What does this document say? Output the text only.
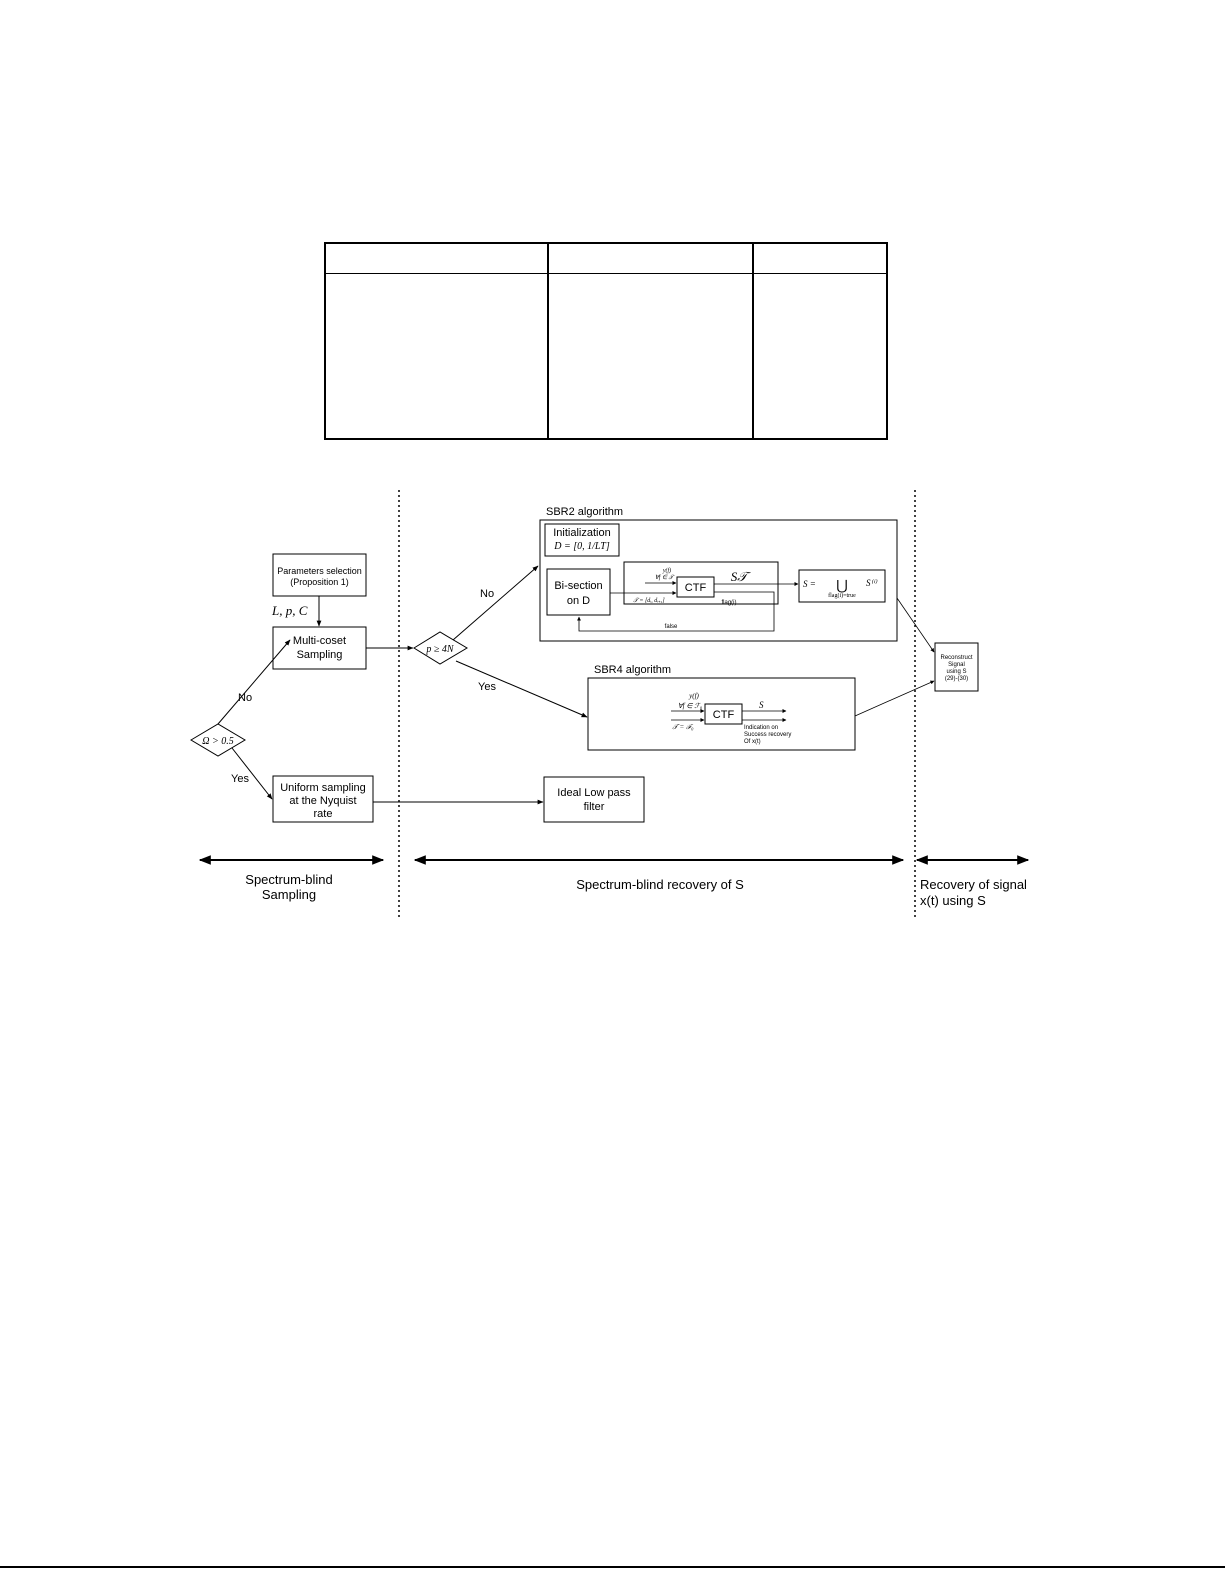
Parameters selection
(Proposition 1)
L, p, C
Multi-coset
Sampling
Ω > 0.5
No
Yes
Uniform sampling
at the Nyquist
rate
p ≥ 4N
No
Yes
SBR2 algorithm
Initialization
D = [0, 1/LT]
Bi-section
on D
CTF
y(f)
∀f ∈ 𝒯
𝒯 = [dᵢ, dᵢ₊₁]
S𝒯
flag(i)
false
S = ⋃
flag(i)=true
S⁽ⁱ⁾
SBR4 algorithm
CTF
y(f)
∀f ∈ ℱ₀
𝒯 = ℱ₀
S
Indication on
Success recovery
Of x(t)
Reconstruct
Signal
using S
(29)-(30)
Ideal Low pass
filter
Spectrum-blind
Sampling
Spectrum-blind recovery of S	Recovery of signal
x(t) using S
